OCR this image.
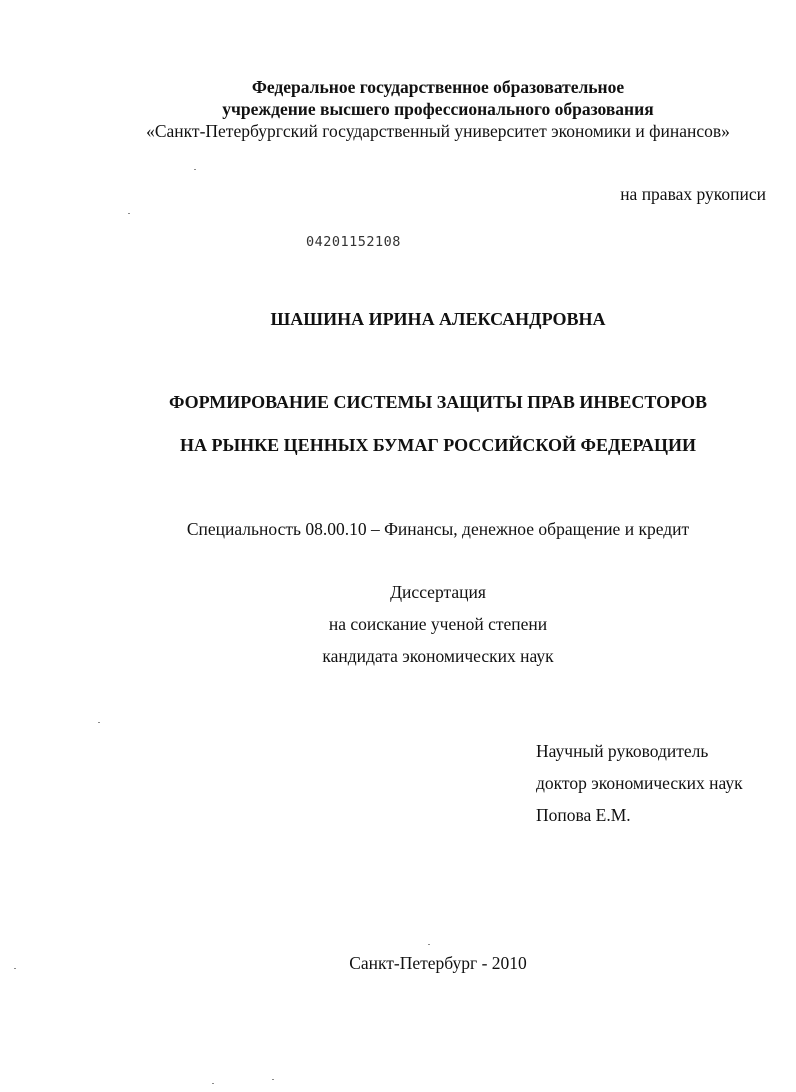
Федеральное государственное образовательное
учреждение высшего профессионального образования
«Санкт-Петербургский государственный университет экономики и финансов»
на правах рукописи
04201152108
ШАШИНА ИРИНА АЛЕКСАНДРОВНА
ФОРМИРОВАНИЕ СИСТЕМЫ ЗАЩИТЫ ПРАВ ИНВЕСТОРОВ
НА РЫНКЕ ЦЕННЫХ БУМАГ РОССИЙСКОЙ ФЕДЕРАЦИИ
Специальность 08.00.10 – Финансы, денежное обращение и кредит
Диссертация
на соискание ученой степени
кандидата экономических наук
Научный руководитель
доктор экономических наук
Попова Е.М.
Санкт-Петербург - 2010
